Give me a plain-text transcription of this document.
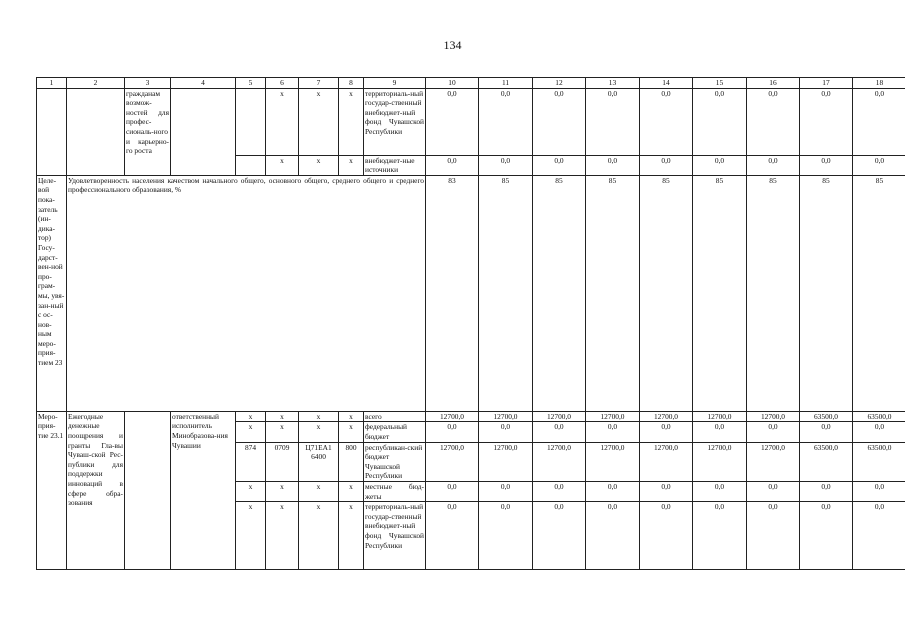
134
1	2	3	4	5	6	7	8	9	10	11	12	13	14	15	16	17	18
		гражданам возмож-ностей для профес-сиональ-ного и карьерно-го роста			x	x	x	территориаль-ный государ-ственный внебюджет-ный фонд Чувашской Республики	0,0	0,0	0,0	0,0	0,0	0,0	0,0	0,0	0,0
					x	x	x	внебюджет-ные источники	0,0	0,0	0,0	0,0	0,0	0,0	0,0	0,0	0,0
Целе-вой пока-затель (ин-дика-тор) Госу-дарст-вен-ной про-грам-мы, увя-зан-ный с ос-нов-ным меро-прия-тием 23	Удовлетворенность населения качеством начального общего, основного общего, среднего общего и среднего профессионального образования, %								83	85	85	85	85	85	85	85	85
Меро-прия-тие 23.1	Ежегодные денежные поощрения и гранты Гла-вы Чуваш-ской Рес-публики для поддержки инноваций в сфере обра-зования		ответственный исполнитель Минобразова-ния Чувашии	x	x	x	x	всего	12700,0	12700,0	12700,0	12700,0	12700,0	12700,0	12700,0	63500,0	63500,0
				x	x	x	x	федеральный бюджет	0,0	0,0	0,0	0,0	0,0	0,0	0,0	0,0	0,0
				874	0709	Ц71ЕА1 6400	800	республикан-ский бюджет Чувашской Республики	12700,0	12700,0	12700,0	12700,0	12700,0	12700,0	12700,0	63500,0	63500,0
				x	x	x	x	местные бюд-жеты	0,0	0,0	0,0	0,0	0,0	0,0	0,0	0,0	0,0
				x	x	x	x	территориаль-ный государ-ственный внебюджет-ный фонд Чувашской Республики	0,0	0,0	0,0	0,0	0,0	0,0	0,0	0,0	0,0
